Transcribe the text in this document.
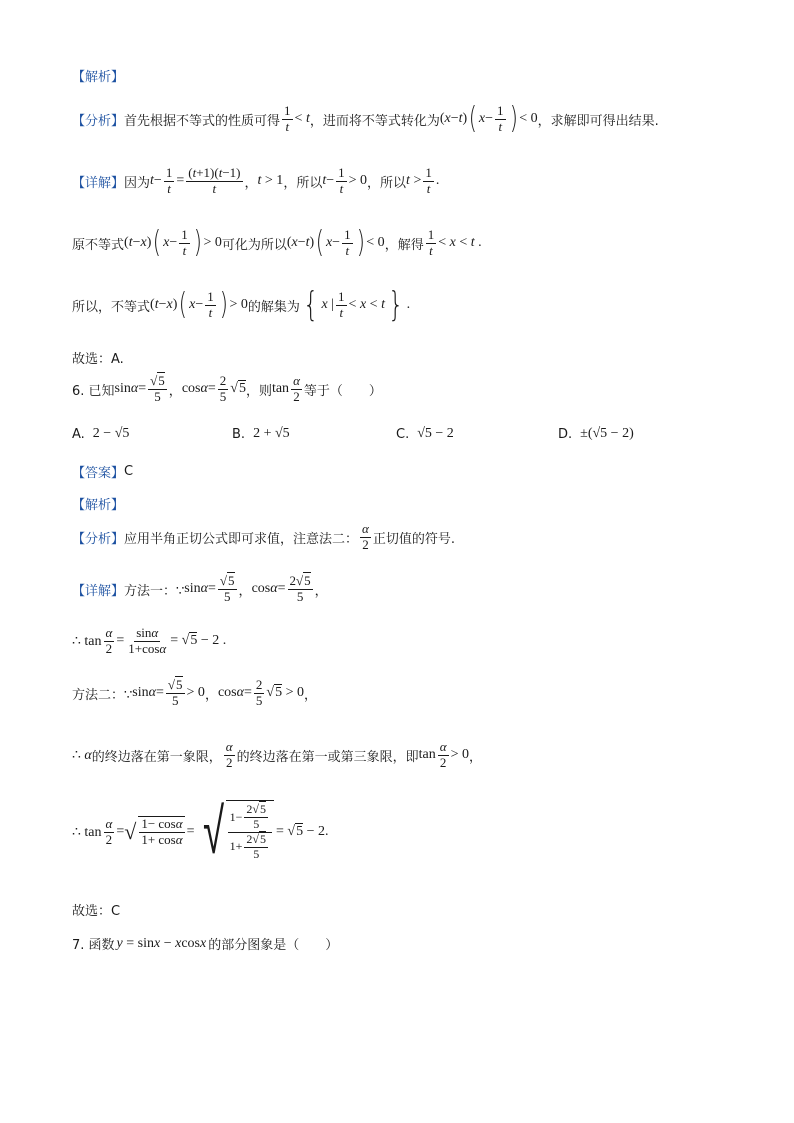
【解析】
【分析】 首先根据不等式的性质可得 $\frac{1}{t} < t$ ，进而将不等式转化为 (x−t) ( $x- \frac{1}{t}$ ) < 0 ，求解即可得出结果.
【详解】 因为 $t - \frac{1}{t} = \frac{(t+1)(t-1)}{t}$ ， t > 1 ，所以 $t- \frac{1}{t} > 0$ ，所以 $t > \frac{1}{t}$ .
原不等式 (t−x) ( $x- \frac{1}{t}$ ) > 0 可化为所以 (x−t) ( $x- \frac{1}{t}$ ) < 0 ，解得 $\frac{1}{t} < x < t$ .
所以，不等式 (t−x) ( $x- \frac{1}{t}$ ) > 0 的解集为 { x | $\frac{1}{t} < x < t$ } .
故选：A.
6. 已知 $\sin\alpha= \frac{√5}{5}$ ， $\cos\alpha= \frac{2}{5} √5$ ，则 $\tan \frac{\alpha}{2}$ 等于（　　）
A. 2 − √5	B. 2 + √5	C. √5 − 2	D. ±(√5 − 2)
【答案】 C
【解析】
【分析】 应用半角正切公式即可求值，注意法二： $\frac{\alpha}{2}$ 正切值的符号.
【详解】 方法一：∵ $\sin\alpha= \frac{√5}{5}$ ， $\cos\alpha= \frac{2√5}{5}$ ，
∴ $\tan \frac{\alpha}{2} = \frac{\sin\alpha}{1+\cos\alpha} = √5 - 2$ .
方法二：∵ $\sin\alpha= \frac{√5}{5} > 0$ ， $\cos\alpha= \frac{2}{5} √5 > 0$ ，
∴ α 的终边落在第一象限， $\frac{\alpha}{2}$ 的终边落在第一或第三象限，即 $\tan \frac{\alpha}{2} > 0$ ，
∴ $\tan \frac{\alpha}{2}$ = √ $\frac{1- \cos\alpha}{1+ \cos\alpha}$ = √ $\frac{1- \frac{2√5}{5}}{1+ \frac{2√5}{5}} = √5 - 2$.
故选：C
7. 函数 y = sinx − xcosx 的部分图象是（　　）
